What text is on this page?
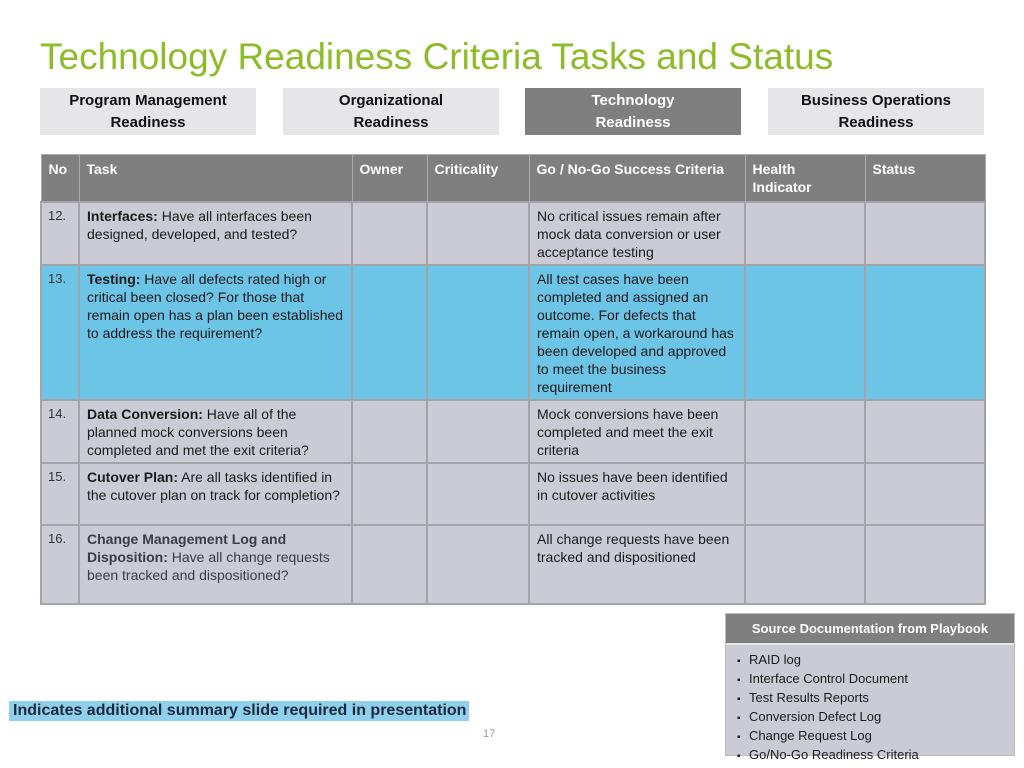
Technology Readiness Criteria Tasks and Status
Program Management
Readiness
Organizational
Readiness
Technology
Readiness
Business Operations
Readiness
No	Task	Owner	Criticality	Go / No-Go Success Criteria	Health Indicator	Status
12.	Interfaces: Have all interfaces been designed, developed, and tested?			No critical issues remain after mock data conversion or user acceptance testing		
13.	Testing: Have all defects rated high or critical been closed? For those that remain open has a plan been established to address the requirement?			All test cases have been completed and assigned an outcome. For defects that remain open, a workaround has been developed and approved to meet the business requirement		
14.	Data Conversion: Have all of the planned mock conversions been completed and met the exit criteria?			Mock conversions have been completed and meet the exit criteria		
15.	Cutover Plan: Are all tasks identified in the cutover plan on track for completion?			No issues have been identified in cutover activities		
16.	Change Management Log and Disposition: Have all change requests been tracked and dispositioned?			All change requests have been tracked and dispositioned		
Indicates additional summary slide required in presentation
17
Source Documentation from Playbook
▪ RAID log
▪ Interface Control Document
▪ Test Results Reports
▪ Conversion Defect Log
▪ Change Request Log
▪ Go/No-Go Readiness Criteria
